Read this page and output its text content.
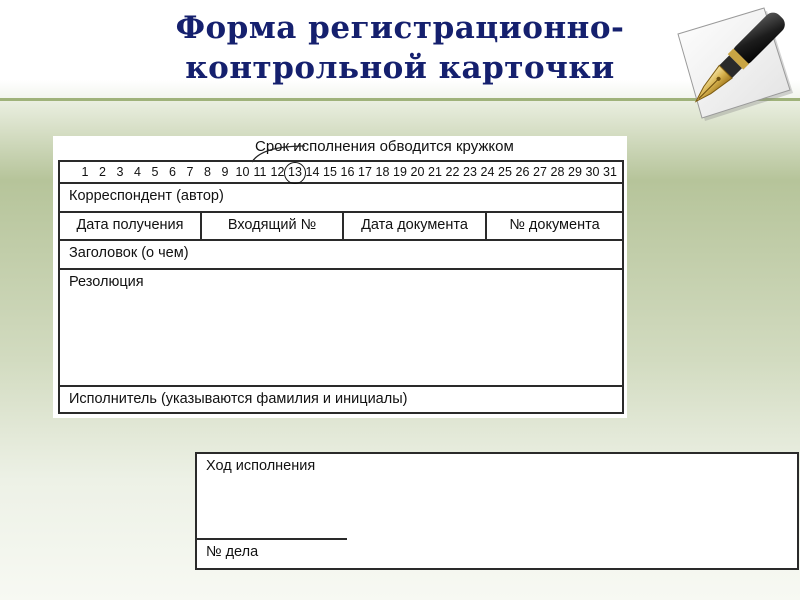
Форма регистрационно-
контрольной карточки
Срок исполнения обводится кружком
1 2 3 4 5 6 7 8 9 10 11 12 13 14 15 16 17 18 19 20 21 22 23 24 25 26 27 28 29 30 31
Корреспондент (автор)
Дата получения	Входящий №	Дата документа	№ документа
Заголовок (о чем)
Резолюция
Исполнитель (указываются фамилия и инициалы)
Ход исполнения
№ дела
